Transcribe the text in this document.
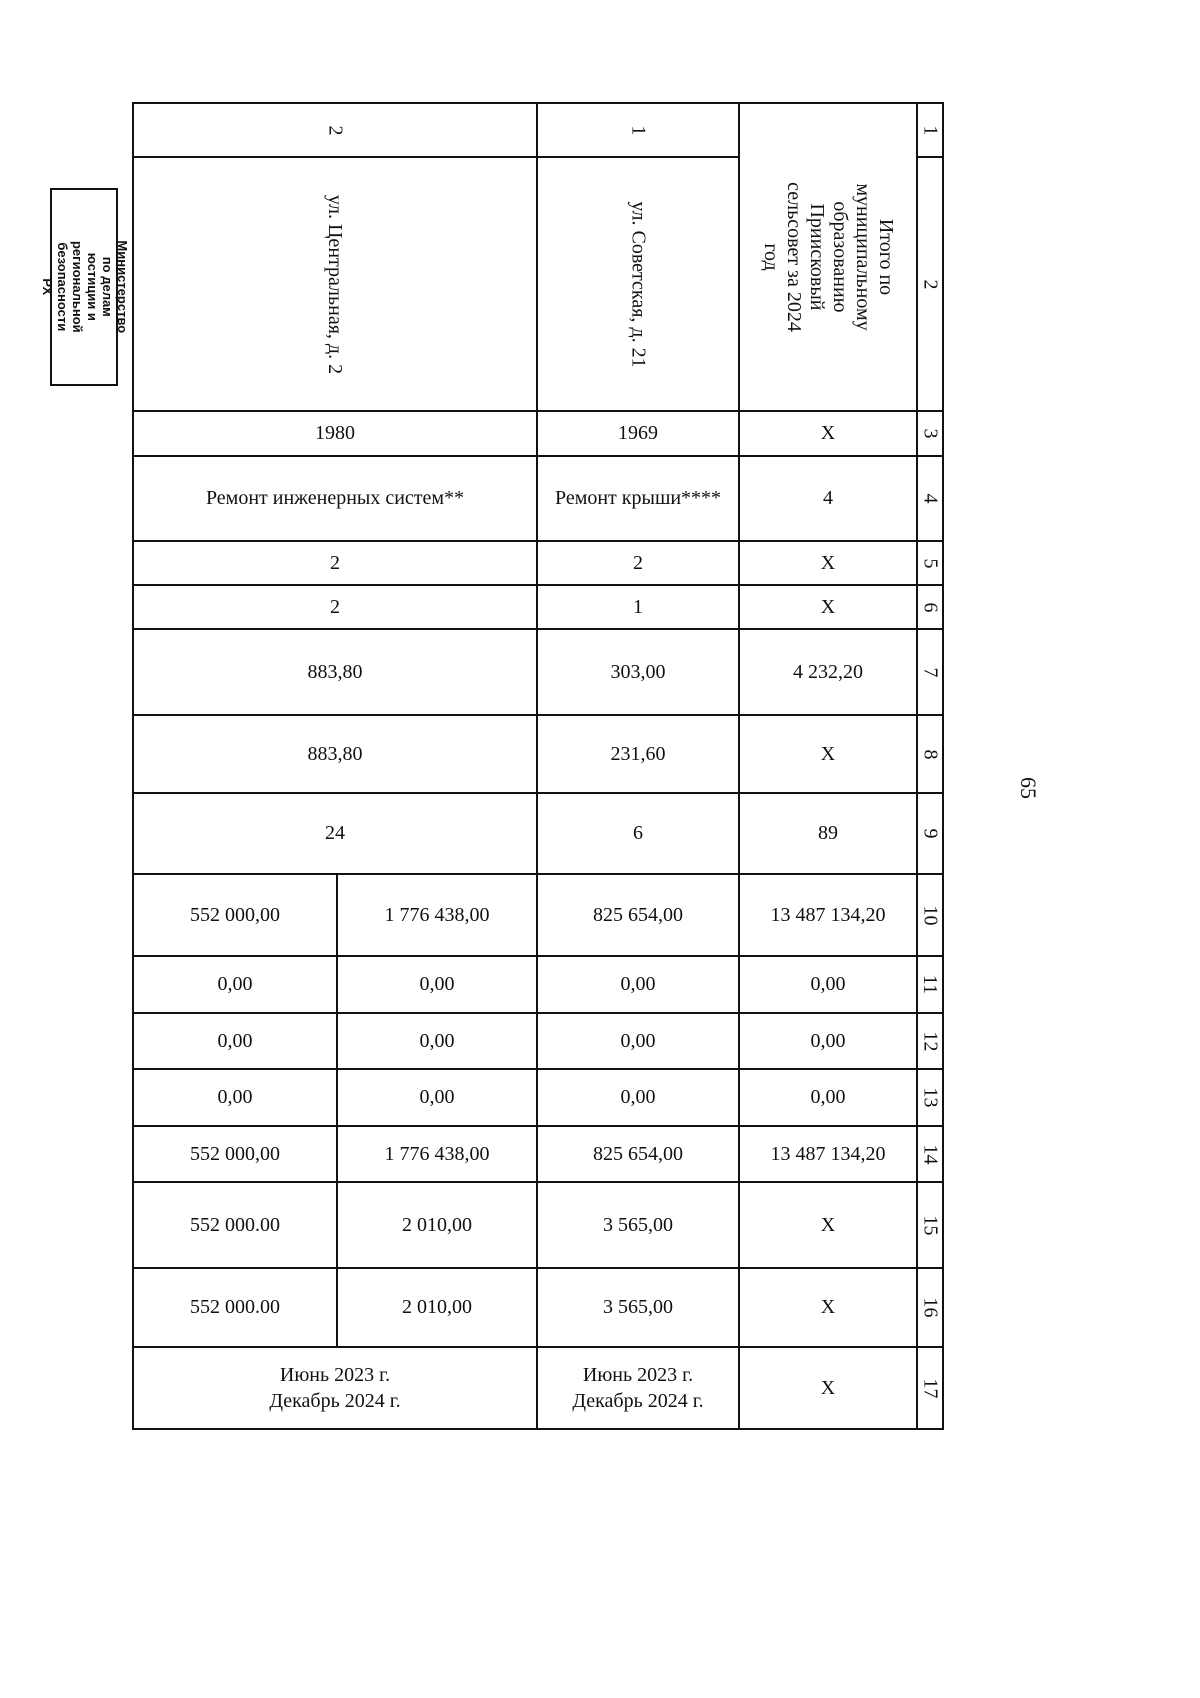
65
Министерство по делам
юстиции и региональной
безопасности РХ
1
2
3
4
5
6
7
8
9
10
11
12
13
14
15
16
17
Итого по муниципальному
образованию Приисковый
сельсовет за 2024 год
Х
4
Х
Х
4 232,20
Х
89
13 487 134,20
0,00
0,00
0,00
13 487 134,20
Х
Х
Х
1
ул. Советская, д. 21
1969
Ремонт крыши****
2
1
303,00
231,60
6
825 654,00
0,00
0,00
0,00
825 654,00
3 565,00
3 565,00
Июнь 2023 г.
Декабрь 2024 г.
2
ул. Центральная, д. 2
1980
Ремонт инженерных систем**
2
2
883,80
883,80
24
1 776 438,00
552 000,00
0,00
0,00
0,00
0,00
0,00
0,00
1 776 438,00
552 000,00
2 010,00
552 000.00
2 010,00
552 000.00
Июнь 2023 г.
Декабрь 2024 г.
